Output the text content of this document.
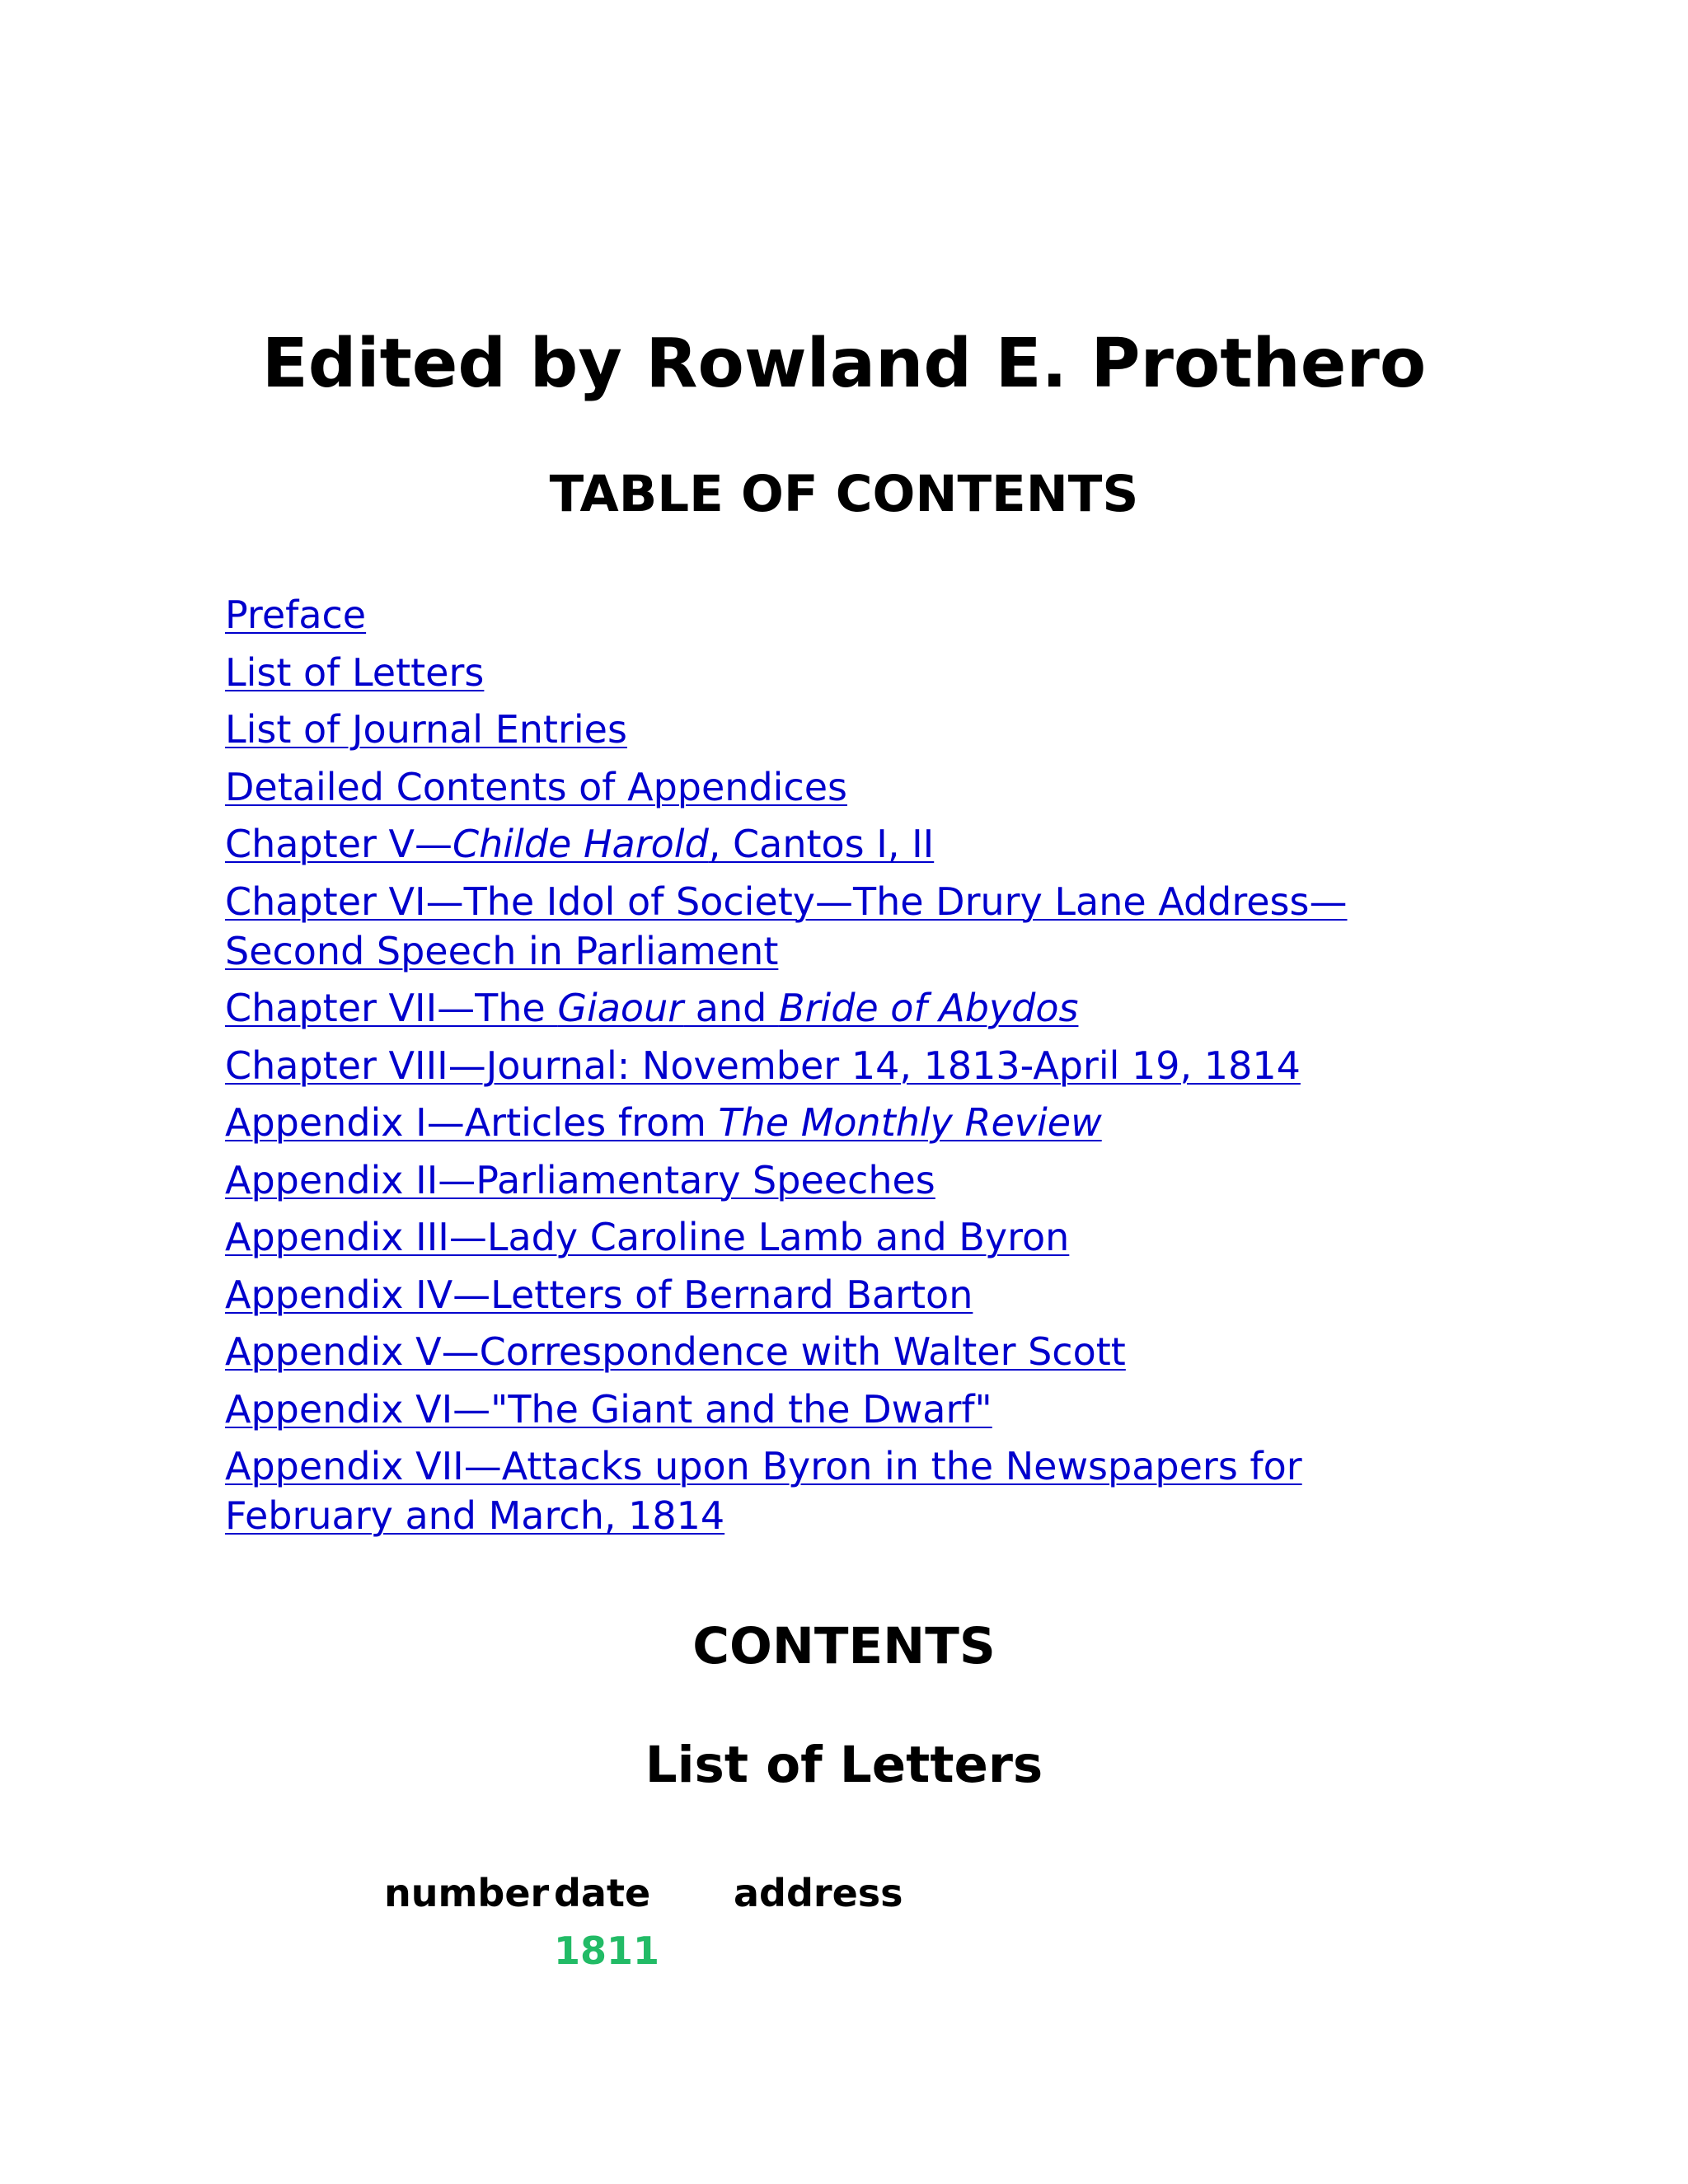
Edited by Rowland E. Prothero
TABLE OF CONTENTS
Preface
List of Letters
List of Journal Entries
Detailed Contents of Appendices
Chapter V—Childe Harold, Cantos I, II
Chapter VI—The Idol of Society—The Drury Lane Address—Second Speech in Parliament
Chapter VII—The Giaour and Bride of Abydos
Chapter VIII—Journal: November 14, 1813-April 19, 1814
Appendix I—Articles from The Monthly Review
Appendix II—Parliamentary Speeches
Appendix III—Lady Caroline Lamb and Byron
Appendix IV—Letters of Bernard Barton
Appendix V—Correspondence with Walter Scott
Appendix VI—"The Giant and the Dwarf"
Appendix VII—Attacks upon Byron in the Newspapers for February and March, 1814
CONTENTS
List of Letters
number	date	address
	1811	
